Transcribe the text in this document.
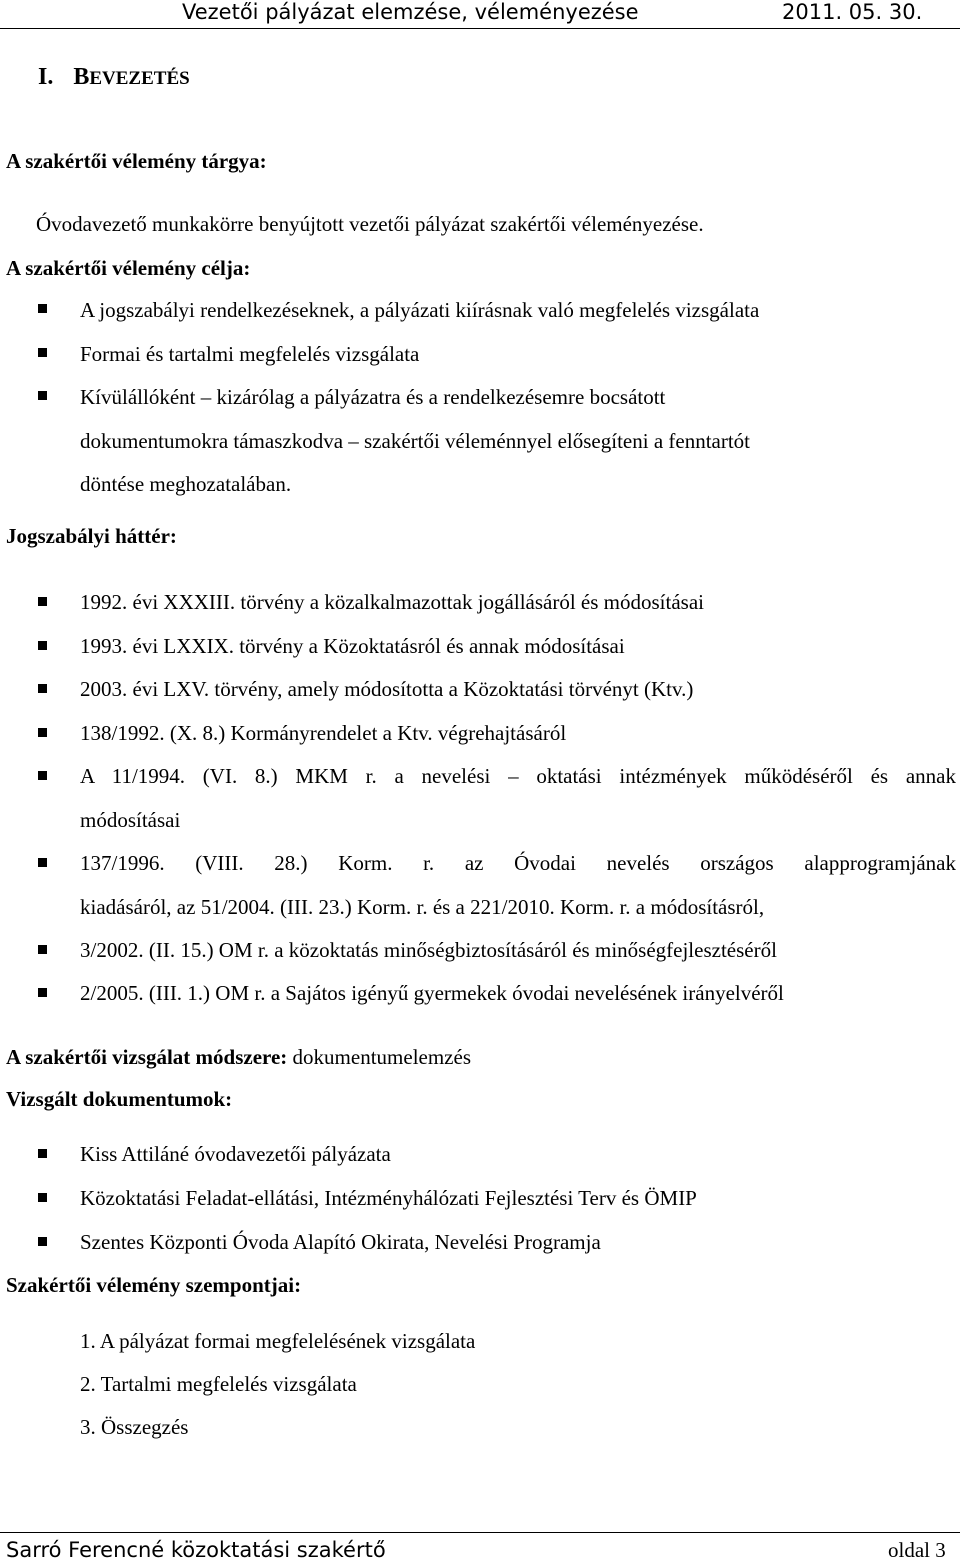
Vezetői pályázat elemzése, véleményezése	2011. 05. 30.
I. BEVEZETÉS
A szakértői vélemény tárgya:
Óvodavezető munkakörre benyújtott vezetői pályázat szakértői véleményezése.
A szakértői vélemény célja:
A jogszabályi rendelkezéseknek, a pályázati kiírásnak való megfelelés vizsgálata
Formai és tartalmi megfelelés vizsgálata
Kívülállóként – kizárólag a pályázatra és a rendelkezésemre bocsátott
dokumentumokra támaszkodva – szakértői véleménnyel elősegíteni a fenntartót
döntése meghozatalában.
Jogszabályi háttér:
1992. évi XXXIII. törvény a közalkalmazottak jogállásáról és módosításai
1993. évi LXXIX. törvény a Közoktatásról és annak módosításai
2003. évi LXV. törvény, amely módosította a Közoktatási törvényt (Ktv.)
138/1992. (X. 8.) Kormányrendelet a Ktv. végrehajtásáról
A 11/1994. (VI. 8.) MKM r. a nevelési – oktatási intézmények működéséről és annak
módosításai
137/1996. (VIII. 28.) Korm. r. az Óvodai nevelés országos alapprogramjának
kiadásáról, az 51/2004. (III. 23.) Korm. r. és a 221/2010. Korm. r. a módosításról,
3/2002. (II. 15.) OM r. a közoktatás minőségbiztosításáról és minőségfejlesztéséről
2/2005. (III. 1.) OM r. a Sajátos igényű gyermekek óvodai nevelésének irányelvéről
A szakértői vizsgálat módszere: dokumentumelemzés
Vizsgált dokumentumok:
Kiss Attiláné óvodavezetői pályázata
Közoktatási Feladat-ellátási, Intézményhálózati Fejlesztési Terv és ÖMIP
Szentes Központi Óvoda Alapító Okirata, Nevelési Programja
Szakértői vélemény szempontjai:
1. A pályázat formai megfelelésének vizsgálata
2. Tartalmi megfelelés vizsgálata
3. Összegzés
Sarró Ferencné közoktatási szakértő	oldal 3
